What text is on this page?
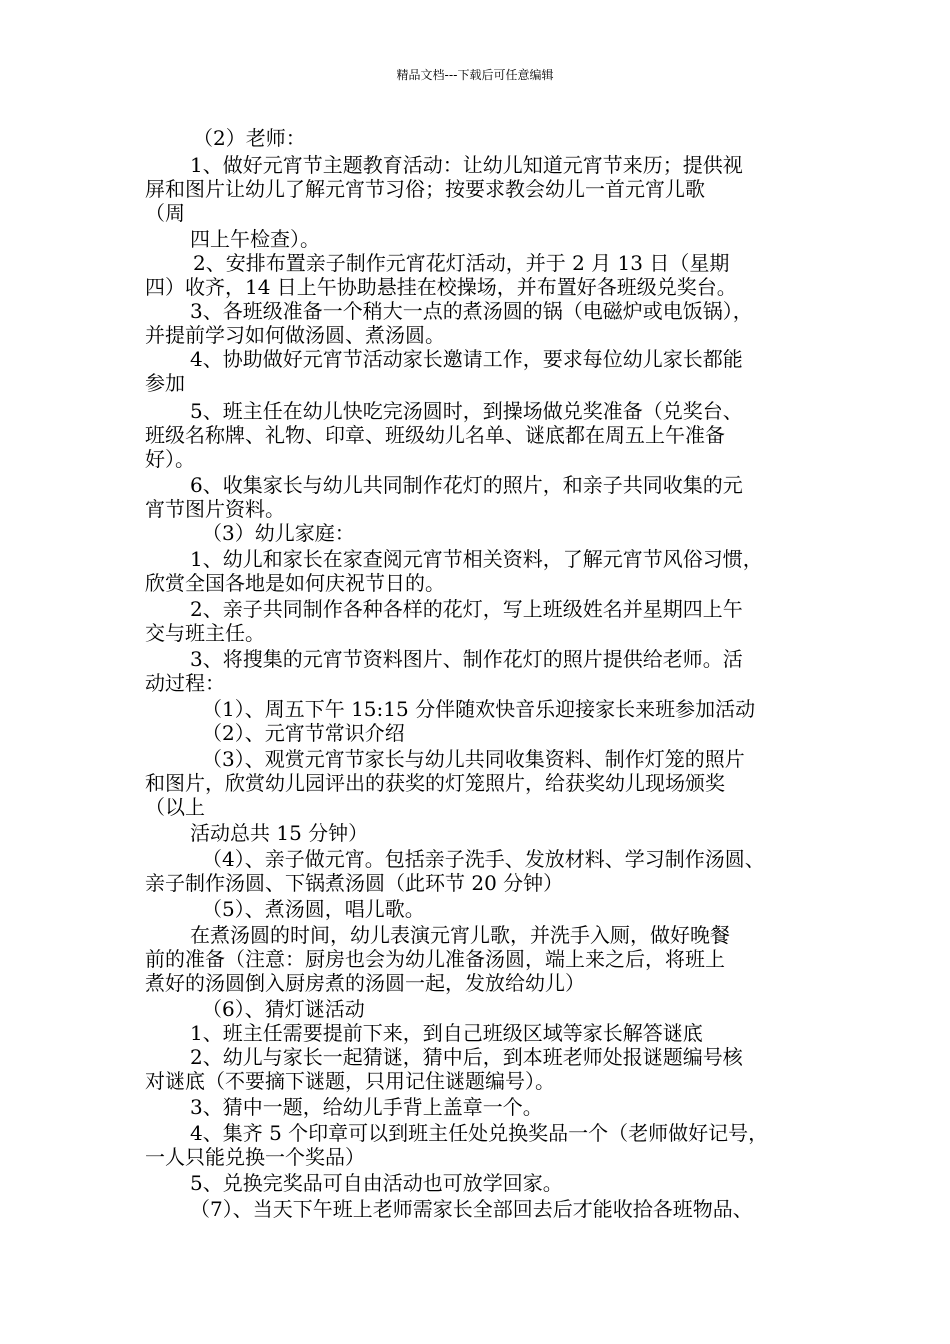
精品文档---下载后可任意编辑
（2）老师：
1、做好元宵节主题教育活动：让幼儿知道元宵节来历；提供视
屏和图片让幼儿了解元宵节习俗；按要求教会幼儿一首元宵儿歌
（周
四上午检查）。
2、安排布置亲子制作元宵花灯活动，并于 2 月 13 日（星期
四）收齐，14 日上午协助悬挂在校操场，并布置好各班级兑奖台。
3、各班级准备一个稍大一点的煮汤圆的锅（电磁炉或电饭锅），
并提前学习如何做汤圆、煮汤圆。
4、协助做好元宵节活动家长邀请工作，要求每位幼儿家长都能
参加
5、班主任在幼儿快吃完汤圆时，到操场做兑奖准备（兑奖台、
班级名称牌、礼物、印章、班级幼儿名单、谜底都在周五上午准备
好）。
6、收集家长与幼儿共同制作花灯的照片，和亲子共同收集的元
宵节图片资料。
（3）幼儿家庭：
1、幼儿和家长在家查阅元宵节相关资料，了解元宵节风俗习惯，
欣赏全国各地是如何庆祝节日的。
2、亲子共同制作各种各样的花灯，写上班级姓名并星期四上午
交与班主任。
3、将搜集的元宵节资料图片、制作花灯的照片提供给老师。活
动过程：
（1）、周五下午 15:15 分伴随欢快音乐迎接家长来班参加活动
（2）、元宵节常识介绍
（3）、观赏元宵节家长与幼儿共同收集资料、制作灯笼的照片
和图片，欣赏幼儿园评出的获奖的灯笼照片，给获奖幼儿现场颁奖
（以上
活动总共 15 分钟）
（4）、亲子做元宵。包括亲子洗手、发放材料、学习制作汤圆、
亲子制作汤圆、下锅煮汤圆（此环节 20 分钟）
（5）、煮汤圆，唱儿歌。
在煮汤圆的时间，幼儿表演元宵儿歌，并洗手入厕，做好晚餐
前的准备（注意：厨房也会为幼儿准备汤圆，端上来之后，将班上
煮好的汤圆倒入厨房煮的汤圆一起，发放给幼儿）
（6）、猜灯谜活动
1、班主任需要提前下来，到自己班级区域等家长解答谜底
2、幼儿与家长一起猜谜，猜中后，到本班老师处报谜题编号核
对谜底（不要摘下谜题，只用记住谜题编号）。
3、猜中一题，给幼儿手背上盖章一个。
4、集齐 5 个印章可以到班主任处兑换奖品一个（老师做好记号，
一人只能兑换一个奖品）
5、兑换完奖品可自由活动也可放学回家。
（7）、当天下午班上老师需家长全部回去后才能收拾各班物品、
